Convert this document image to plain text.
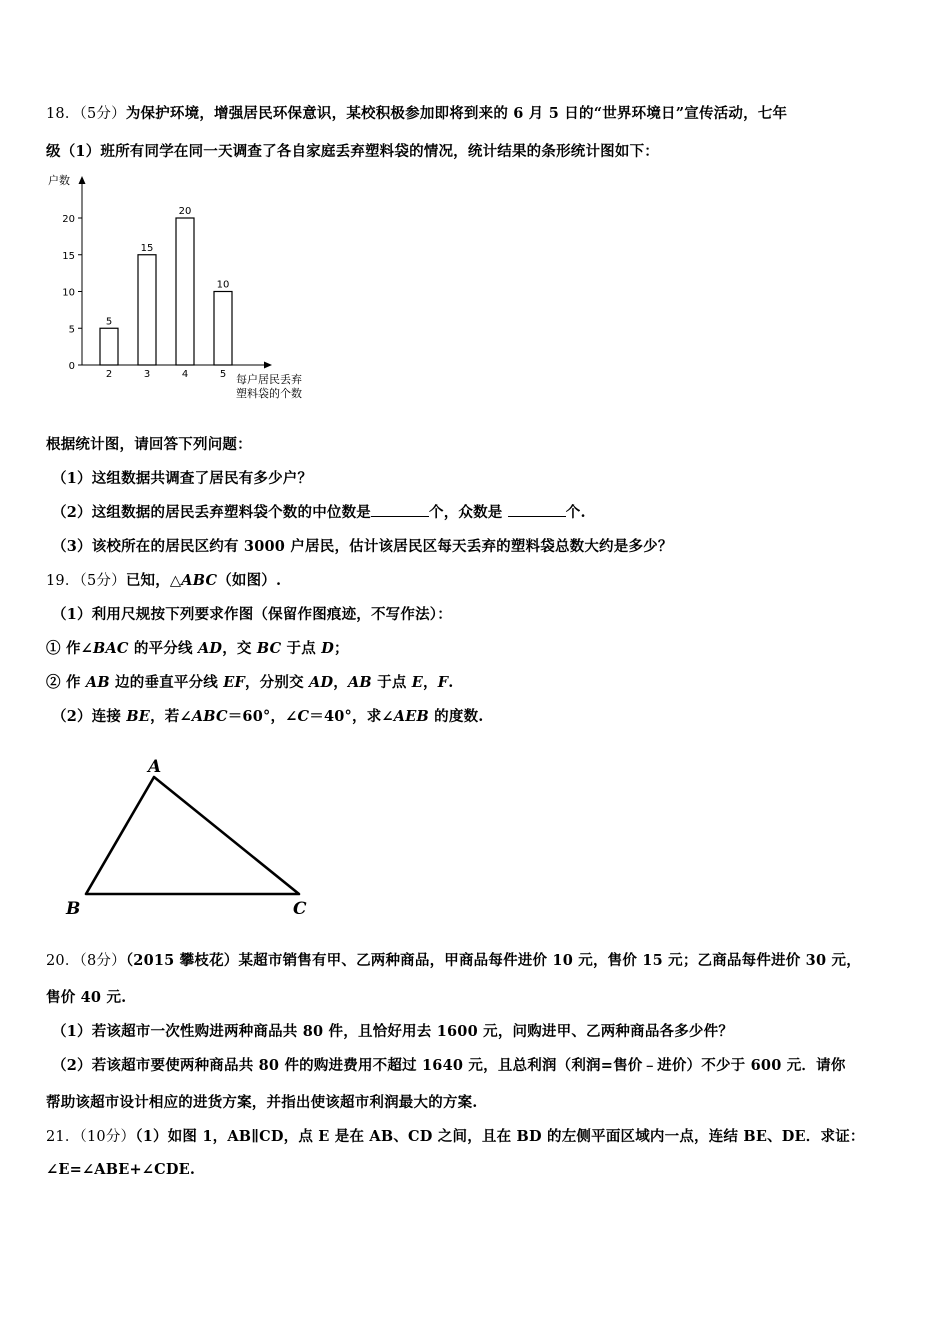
18．（5分）为保护环境，增强居民环保意识，某校积极参加即将到来的 6 月 5 日的“世界环境日”宣传活动，七年
级（1）班所有同学在同一天调查了各自家庭丢弃塑料袋的情况，统计结果的条形统计图如下：
户数
0
5
10
15
20
5
2
15
3
20
4
10
5 每户居民丢弃
塑料袋的个数
根据统计图，请回答下列问题：
（1）这组数据共调查了居民有多少户？
（2）这组数据的居民丢弃塑料袋个数的中位数是	个，众数是	个.
（3）该校所在的居民区约有 3000 户居民，估计该居民区每天丢弃的塑料袋总数大约是多少？
19．（5分）已知，△ABC（如图）.
（1）利用尺规按下列要求作图（保留作图痕迹，不写作法）：
① 作∠BAC 的平分线 AD，交 BC 于点 D；
② 作 AB 边的垂直平分线 EF，分别交 AD，AB 于点 E，F.
（2）连接 BE，若∠ABC＝60°，∠C＝40°，求∠AEB 的度数.
A
B	C
20．（8分）（2015 攀枝花）某超市销售有甲、乙两种商品，甲商品每件进价 10 元，售价 15 元；乙商品每件进价 30 元，
售价 40 元.
（1）若该超市一次性购进两种商品共 80 件，且恰好用去 1600 元，问购进甲、乙两种商品各多少件？
（2）若该超市要使两种商品共 80 件的购进费用不超过 1640 元，且总利润（利润=售价﹣进价）不少于 600 元．请你
帮助该超市设计相应的进货方案，并指出使该超市利润最大的方案.
21．（10分）（1）如图 1，AB∥CD，点 E 是在 AB、CD 之间，且在 BD 的左侧平面区域内一点，连结 BE、DE．求证：
∠E=∠ABE+∠CDE.
